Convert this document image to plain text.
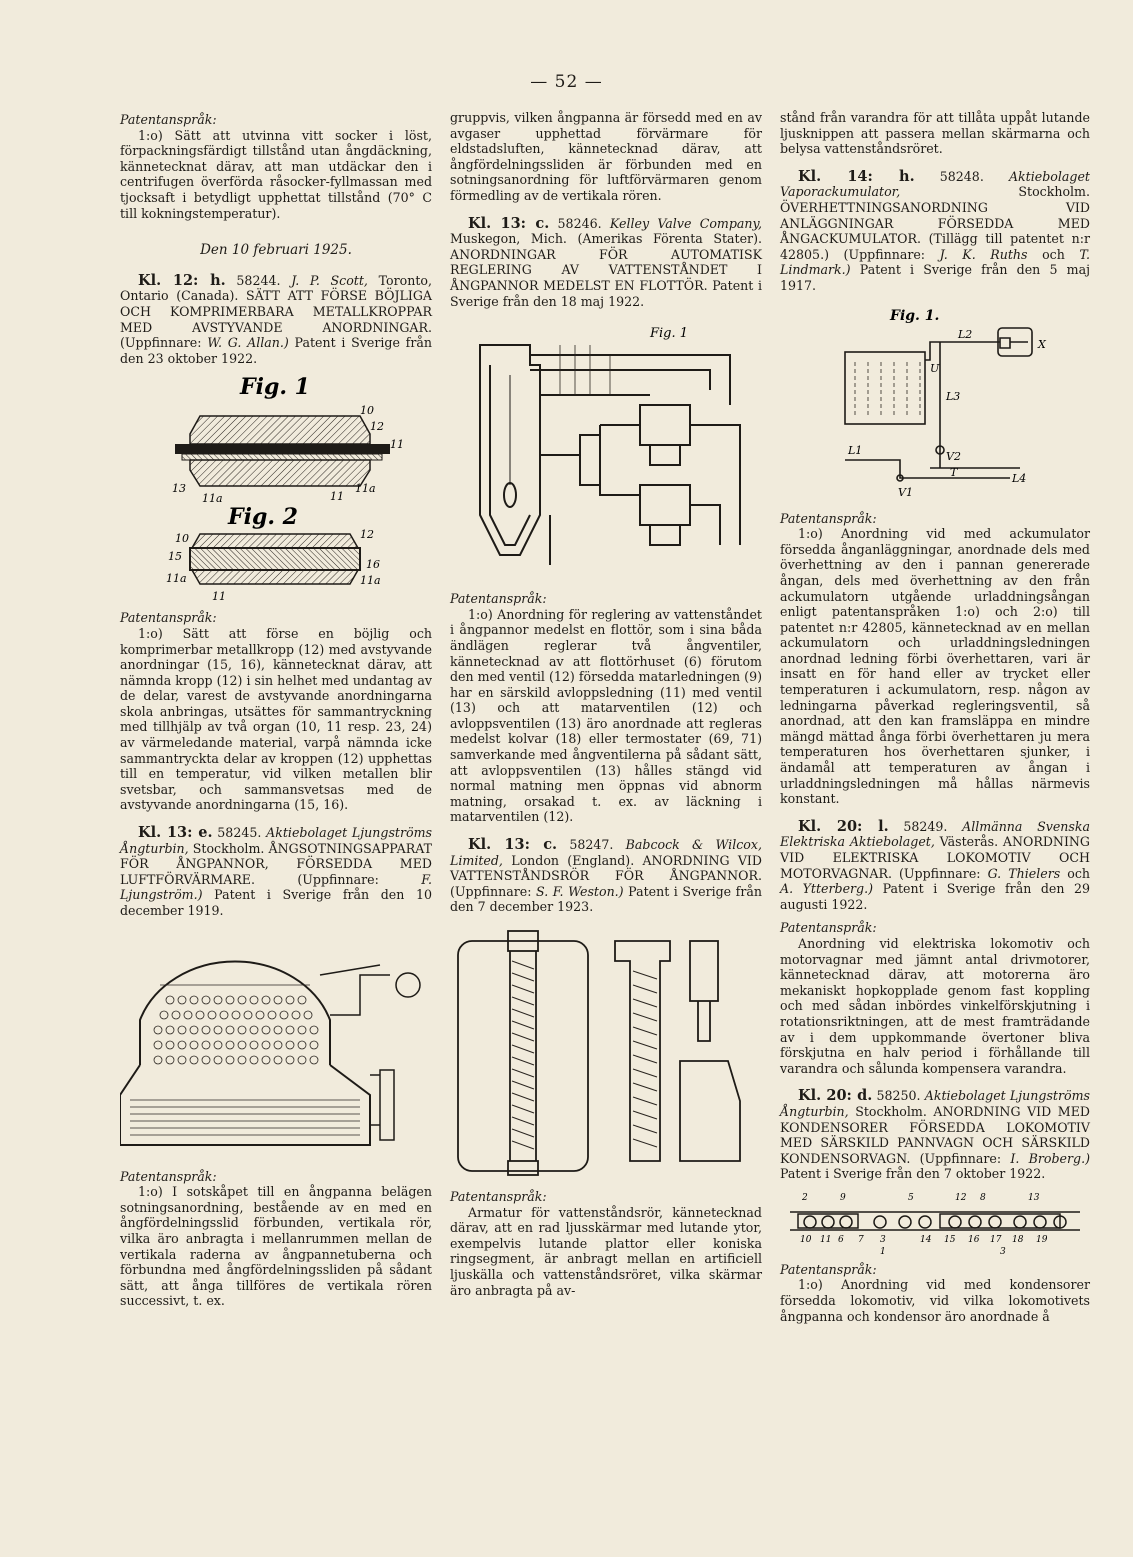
— 52 —

Patentanspråk:

1:o) Sätt att utvinna vitt socker i löst, förpackningsfärdigt tillstånd utan ångdäckning, kännetecknat därav, att man utdäckar den i centrifugen överförda råsocker-fyllmassan med tjocksaft i betydligt upphettat tillstånd (70° C till kokningstemperatur).

Den 10 februari 1925.

Kl. 12: h. 58244. J. P. Scott, Toronto, Ontario (Canada). SÄTT ATT FÖRSE BÖJLIGA OCH KOMPRIMERBARA METALLKROPPAR MED AVSTYVANDE ANORDNINGAR. (Uppfinnare: W. G. Allan.) Patent i Sverige från den 23 oktober 1922.

Fig. 1
10
12
11
13
11a	11
11a
Fig. 2
10	12
15
16
11a	11a
11

Patentanspråk:

1:o) Sätt att förse en böjlig och komprimerbar metallkropp (12) med avstyvande anordningar (15, 16), kännetecknat därav, att nämnda kropp (12) i sin helhet med undantag av de delar, varest de avstyvande anordningarna skola anbringas, utsättes för sammantryckning med tillhjälp av två organ (10, 11 resp. 23, 24) av värmeledande material, varpå nämnda icke sammantryckta delar av kroppen (12) upphettas till en temperatur, vid vilken metallen blir svetsbar, och sammansvetsas med de avstyvande anordningarna (15, 16).

Kl. 13: e. 58245. Aktiebolaget Ljungströms Ångturbin, Stockholm. ÅNGSOTNINGSAPPARAT FÖR ÅNGPANNOR, FÖRSEDDA MED LUFTFÖRVÄRMARE. (Uppfinnare:	F. Ljungström.) Patent i Sverige från den 10 december 1919.

Patentanspråk:

1:o) I sotskåpet till en ångpanna belägen sotningsanordning, bestående av en med en ångfördelningsslid förbunden, vertikala rör, vilka äro anbragta i mellanrummen mellan de vertikala raderna av ångpannetuberna och förbundna med ångfördelningssliden på sådant sätt, att ånga tillföres de vertikala rören successivt, t. ex.

gruppvis, vilken ångpanna är försedd med en av avgaser upphettad förvärmare för eldstadsluften, kännetecknad därav, att ångfördelningssliden är förbunden med en sotningsanordning för luftförvärmaren genom förmedling av de vertikala rören.

Kl. 13: c. 58246. Kelley Valve Company, Muskegon, Mich. (Amerikas Förenta Stater). ANORDNINGAR FÖR AUTOMATISK REGLERING AV VATTENSTÅNDET I ÅNGPANNOR MEDELST EN FLOTTÖR. Patent i Sverige från den 18 maj 1922.

Fig. 1

Patentanspråk:

1:o) Anordning för reglering av vattenståndet i ångpannor medelst en flottör, som i sina båda ändlägen reglerar två ångventiler, kännetecknad av att flottörhuset (6) förutom den med ventil (12) försedda matarledningen (9) har en särskild avloppsledning (11) med ventil (13) och att matarventilen (12) och avloppsventilen (13) äro anordnade att regleras medelst kolvar (18) eller termostater (69, 71) samverkande med ångventilerna på sådant sätt, att avloppsventilen (13) hålles stängd vid normal matning men öppnas vid abnorm matning, orsakad t. ex. av läckning i matarventilen (12).

Kl. 13: c. 58247. Babcock & Wilcox, Limited, London (England). ANORDNING VID VATTENSTÅNDSRÖR FÖR ÅNGPANNOR. (Uppfinnare: S. F. Weston.) Patent i Sverige från den 7 december 1923.

Patentanspråk:

Armatur för vattenståndsrör, kännetecknad därav, att en rad ljusskärmar med lutande ytor, exempelvis lutande plattor eller koniska ringsegment, är anbragt mellan en artificiell ljuskälla och vattenståndsröret, vilka skärmar äro anbragta på av-

stånd från varandra för att tillåta uppåt lutande ljusknippen att passera mellan skärmarna och belysa vattenståndsröret.

Kl. 14: h. 58248. Aktiebolaget Vaporackumulator,	Stockholm. ÖVERHETTNINGSANORDNING VID ANLÄGGNINGAR FÖRSEDDA MED ÅNGACKUMULATOR. (Tillägg till patentet n:r 42805.) (Uppfinnare: J. K. Ruths och T. Lindmark.) Patent i Sverige från den 5 maj 1917.

Fig. 1.
L2
X
U
L3
L1	V2
T	L4
V1

Patentanspråk:

1:o) Anordning vid med ackumulator försedda ånganläggningar, anordnade dels med överhettning av den i pannan genererade ångan, dels med överhettning av den från ackumulatorn utgående urladdningsångan enligt patentanspråken 1:o) och 2:o) till patentet n:r 42805, kännetecknad av en mellan ackumulatorn och urladdningsledningen anordnad ledning förbi överhettaren, vari är insatt en för hand eller av trycket eller temperaturen i ackumulatorn, resp. någon av ledningarna påverkad regleringsventil, så anordnad, att den kan framsläppa en mindre mängd mättad ånga förbi överhettaren ju mera temperaturen hos överhettaren sjunker, i ändamål att temperaturen av ångan i urladdningsledningen må hållas närmevis konstant.

Kl. 20: l. 58249. Allmänna Svenska Elektriska Aktiebolaget, Västerås. ANORDNING VID ELEKTRISKA LOKOMOTIV OCH MOTORVAGNAR. (Uppfinnare: G. Thielers och A. Ytterberg.) Patent i Sverige från den 29 augusti 1922.

Patentanspråk:

Anordning vid elektriska lokomotiv och motorvagnar med jämnt antal drivmotorer, kännetecknad därav, att motorerna äro mekaniskt hopkopplade genom fast koppling och med sådan inbördes vinkelförskjutning i rotationsriktningen, att de mest framträdande av i dem uppkommande övertoner bliva förskjutna en halv period i förhållande till varandra och sålunda kompensera varandra.

Kl. 20: d. 58250. Aktiebolaget Ljungströms Ångturbin, Stockholm. ANORDNING VID MED KONDENSORER FÖRSEDDA LOKOMOTIV MED SÄRSKILD PANNVAGN OCH SÄRSKILD KONDENSORVAGN. (Uppfinnare: I. Broberg.) Patent i Sverige från den 7 oktober 1922.

2	9	5	12 8	13
10 11 6 7 3	14 15 16 17 18 19
1	3

Patentanspråk:

1:o) Anordning vid med kondensorer försedda lokomotiv, vid vilka lokomotivets ångpanna och kondensor äro anordnade å
